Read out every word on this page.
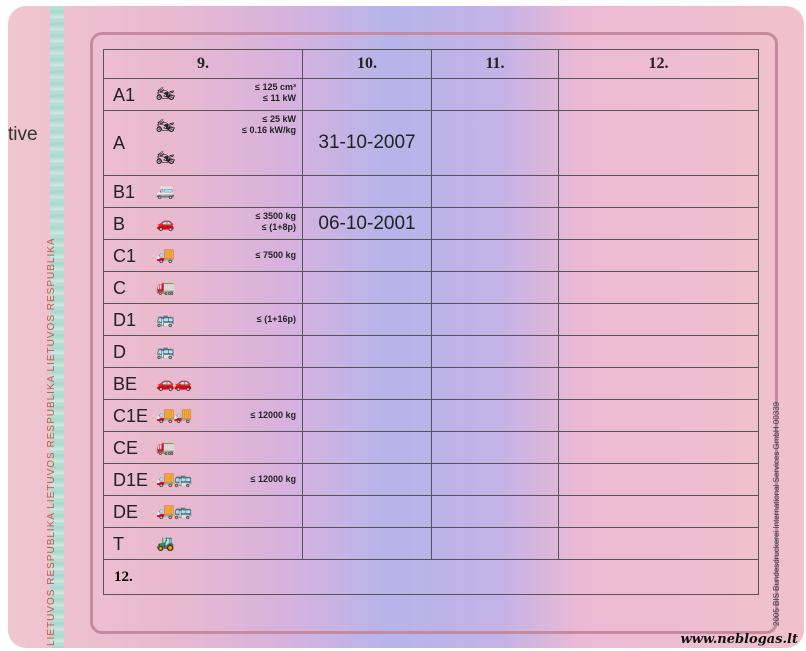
tive
LIETUVOS RESPUBLIKA LIETUVOS RESPUBLIKA LIETUVOS RESPUBLIKA
9.	10.	11.	12.

A1 🏍 ≤ 125 cm³
≤ 11 kW			

A
🏍
🏍
≤ 25 kW
≤ 0.16 kW/kg	31-10-2007		

B1 🚐			

B 🚗 ≤ 3500 kg
≤ (1+8p)	06-10-2001		

C1 🚚 ≤ 7500 kg			

C 🚛			

D1 🚌 ≤ (1+16p)			

D 🚌			

BE 🚗🚗			

C1E 🚚🚚 ≤ 12000 kg			

CE 🚛			

D1E 🚚🚌 ≤ 12000 kg			

DE 🚚🚌			

T 🚜			

12.				2005 BIS Bundesdruckerei International Services GmbH 00339
www.neblogas.lt
